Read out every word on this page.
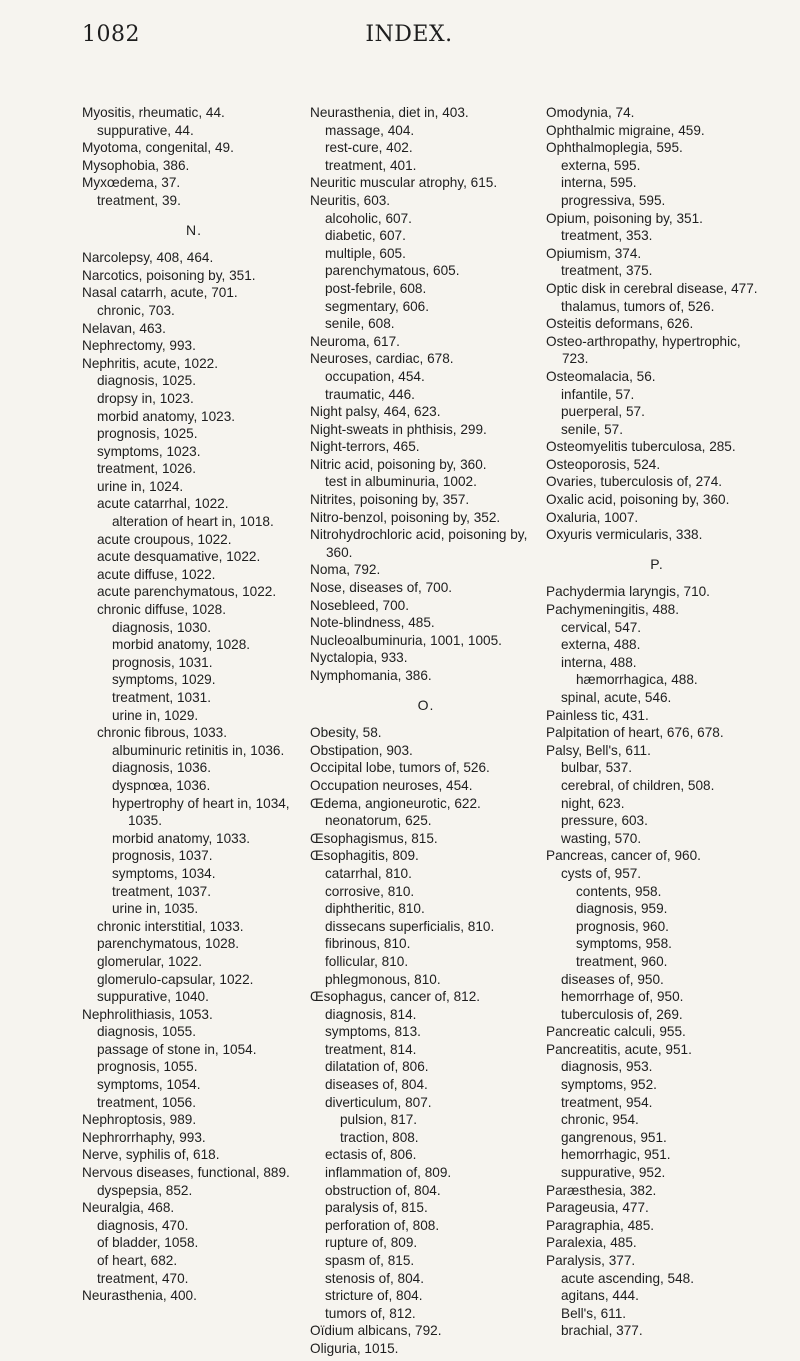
1082	INDEX.
Myositis, rheumatic, 44.
suppurative, 44.
Myotoma, congenital, 49.
Mysophobia, 386.
Myxœdema, 37.
treatment, 39.
N.
Narcolepsy, 408, 464.
Narcotics, poisoning by, 351.
Nasal catarrh, acute, 701.
chronic, 703.
Nelavan, 463.
Nephrectomy, 993.
Nephritis, acute, 1022.
diagnosis, 1025.
dropsy in, 1023.
morbid anatomy, 1023.
prognosis, 1025.
symptoms, 1023.
treatment, 1026.
urine in, 1024.
acute catarrhal, 1022.
alteration of heart in, 1018.
acute croupous, 1022.
acute desquamative, 1022.
acute diffuse, 1022.
acute parenchymatous, 1022.
chronic diffuse, 1028.
diagnosis, 1030.
morbid anatomy, 1028.
prognosis, 1031.
symptoms, 1029.
treatment, 1031.
urine in, 1029.
chronic fibrous, 1033.
albuminuric retinitis in, 1036.
diagnosis, 1036.
dyspnœa, 1036.
hypertrophy of heart in, 1034, 1035.
morbid anatomy, 1033.
prognosis, 1037.
symptoms, 1034.
treatment, 1037.
urine in, 1035.
chronic interstitial, 1033.
parenchymatous, 1028.
glomerular, 1022.
glomerulo-capsular, 1022.
suppurative, 1040.
Nephrolithiasis, 1053.
diagnosis, 1055.
passage of stone in, 1054.
prognosis, 1055.
symptoms, 1054.
treatment, 1056.
Nephroptosis, 989.
Nephrorrhaphy, 993.
Nerve, syphilis of, 618.
Nervous diseases, functional, 889.
dyspepsia, 852.
Neuralgia, 468.
diagnosis, 470.
of bladder, 1058.
of heart, 682.
treatment, 470.
Neurasthenia, 400.
Neurasthenia, diet in, 403.
massage, 404.
rest-cure, 402.
treatment, 401.
Neuritic muscular atrophy, 615.
Neuritis, 603.
alcoholic, 607.
diabetic, 607.
multiple, 605.
parenchymatous, 605.
post-febrile, 608.
segmentary, 606.
senile, 608.
Neuroma, 617.
Neuroses, cardiac, 678.
occupation, 454.
traumatic, 446.
Night palsy, 464, 623.
Night-sweats in phthisis, 299.
Night-terrors, 465.
Nitric acid, poisoning by, 360.
test in albuminuria, 1002.
Nitrites, poisoning by, 357.
Nitro-benzol, poisoning by, 352.
Nitrohydrochloric acid, poisoning by, 360.
Noma, 792.
Nose, diseases of, 700.
Nosebleed, 700.
Note-blindness, 485.
Nucleoalbuminuria, 1001, 1005.
Nyctalopia, 933.
Nymphomania, 386.
O.
Obesity, 58.
Obstipation, 903.
Occipital lobe, tumors of, 526.
Occupation neuroses, 454.
Œdema, angioneurotic, 622.
neonatorum, 625.
Œsophagismus, 815.
Œsophagitis, 809.
catarrhal, 810.
corrosive, 810.
diphtheritic, 810.
dissecans superficialis, 810.
fibrinous, 810.
follicular, 810.
phlegmonous, 810.
Œsophagus, cancer of, 812.
diagnosis, 814.
symptoms, 813.
treatment, 814.
dilatation of, 806.
diseases of, 804.
diverticulum, 807.
pulsion, 817.
traction, 808.
ectasis of, 806.
inflammation of, 809.
obstruction of, 804.
paralysis of, 815.
perforation of, 808.
rupture of, 809.
spasm of, 815.
stenosis of, 804.
stricture of, 804.
tumors of, 812.
Oïdium albicans, 792.
Oliguria, 1015.
Omodynia, 74.
Ophthalmic migraine, 459.
Ophthalmoplegia, 595.
externa, 595.
interna, 595.
progressiva, 595.
Opium, poisoning by, 351.
treatment, 353.
Opiumism, 374.
treatment, 375.
Optic disk in cerebral disease, 477.
thalamus, tumors of, 526.
Osteitis deformans, 626.
Osteo-arthropathy, hypertrophic, 723.
Osteomalacia, 56.
infantile, 57.
puerperal, 57.
senile, 57.
Osteomyelitis tuberculosa, 285.
Osteoporosis, 524.
Ovaries, tuberculosis of, 274.
Oxalic acid, poisoning by, 360.
Oxaluria, 1007.
Oxyuris vermicularis, 338.
P.
Pachydermia laryngis, 710.
Pachymeningitis, 488.
cervical, 547.
externa, 488.
interna, 488.
hæmorrhagica, 488.
spinal, acute, 546.
Painless tic, 431.
Palpitation of heart, 676, 678.
Palsy, Bell's, 611.
bulbar, 537.
cerebral, of children, 508.
night, 623.
pressure, 603.
wasting, 570.
Pancreas, cancer of, 960.
cysts of, 957.
contents, 958.
diagnosis, 959.
prognosis, 960.
symptoms, 958.
treatment, 960.
diseases of, 950.
hemorrhage of, 950.
tuberculosis of, 269.
Pancreatic calculi, 955.
Pancreatitis, acute, 951.
diagnosis, 953.
symptoms, 952.
treatment, 954.
chronic, 954.
gangrenous, 951.
hemorrhagic, 951.
suppurative, 952.
Paræsthesia, 382.
Parageusia, 477.
Paragraphia, 485.
Paralexia, 485.
Paralysis, 377.
acute ascending, 548.
agitans, 444.
Bell's, 611.
brachial, 377.
